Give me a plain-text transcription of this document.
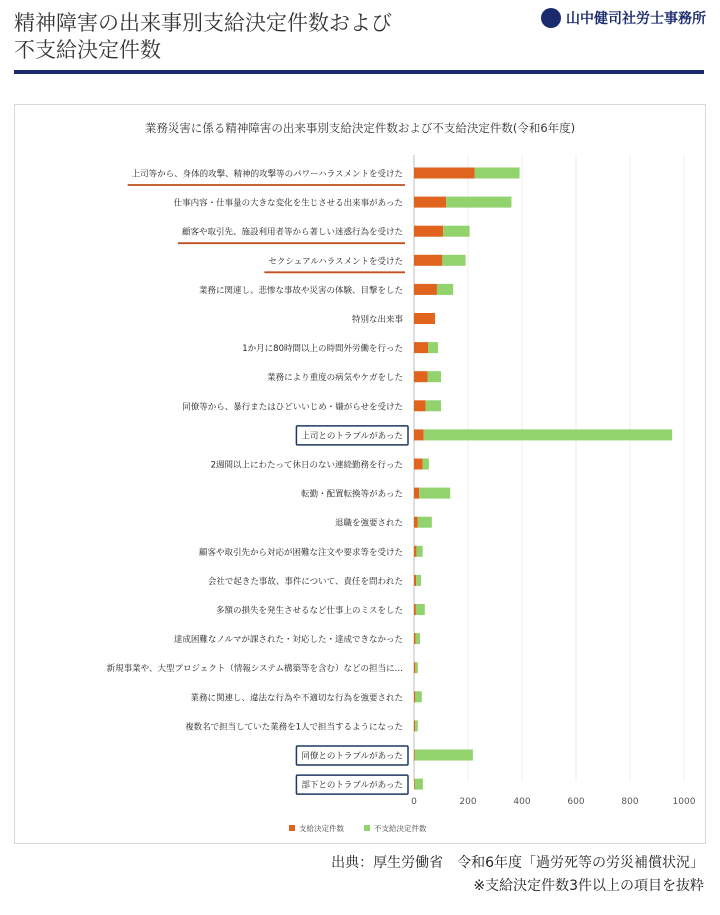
精神障害の出来事別支給決定件数および
不支給決定件数
山中健司社労士事務所
業務災害に係る精神障害の出来事別支給決定件数および不支給決定件数(令和6年度)
0	200	400	600	800	1000
上司等から、身体的攻撃、精神的攻撃等のパワーハラスメントを受けた
仕事内容・仕事量の大きな変化を生じさせる出来事があった
顧客や取引先、施設利用者等から著しい迷惑行為を受けた
セクシュアルハラスメントを受けた
業務に関連し、悲惨な事故や災害の体験、目撃をした
特別な出来事
1か月に80時間以上の時間外労働を行った
業務により重度の病気やケガをした
同僚等から、暴行またはひどいいじめ・嫌がらせを受けた
上司とのトラブルがあった
2週間以上にわたって休日のない連続勤務を行った
転勤・配置転換等があった
退職を強要された
顧客や取引先から対応が困難な注文や要求等を受けた
会社で起きた事故、事件について、責任を問われた
多額の損失を発生させるなど仕事上のミスをした
達成困難なノルマが課された・対応した・達成できなかった
新規事業や、大型プロジェクト（情報システム構築等を含む）などの担当に…
業務に関連し、違法な行為や不適切な行為を強要された
複数名で担当していた業務を1人で担当するようになった
同僚とのトラブルがあった
部下とのトラブルがあった
支給決定件数	不支給決定件数
出典：厚生労働省　令和6年度「過労死等の労災補償状況」
※支給決定件数3件以上の項目を抜粋
